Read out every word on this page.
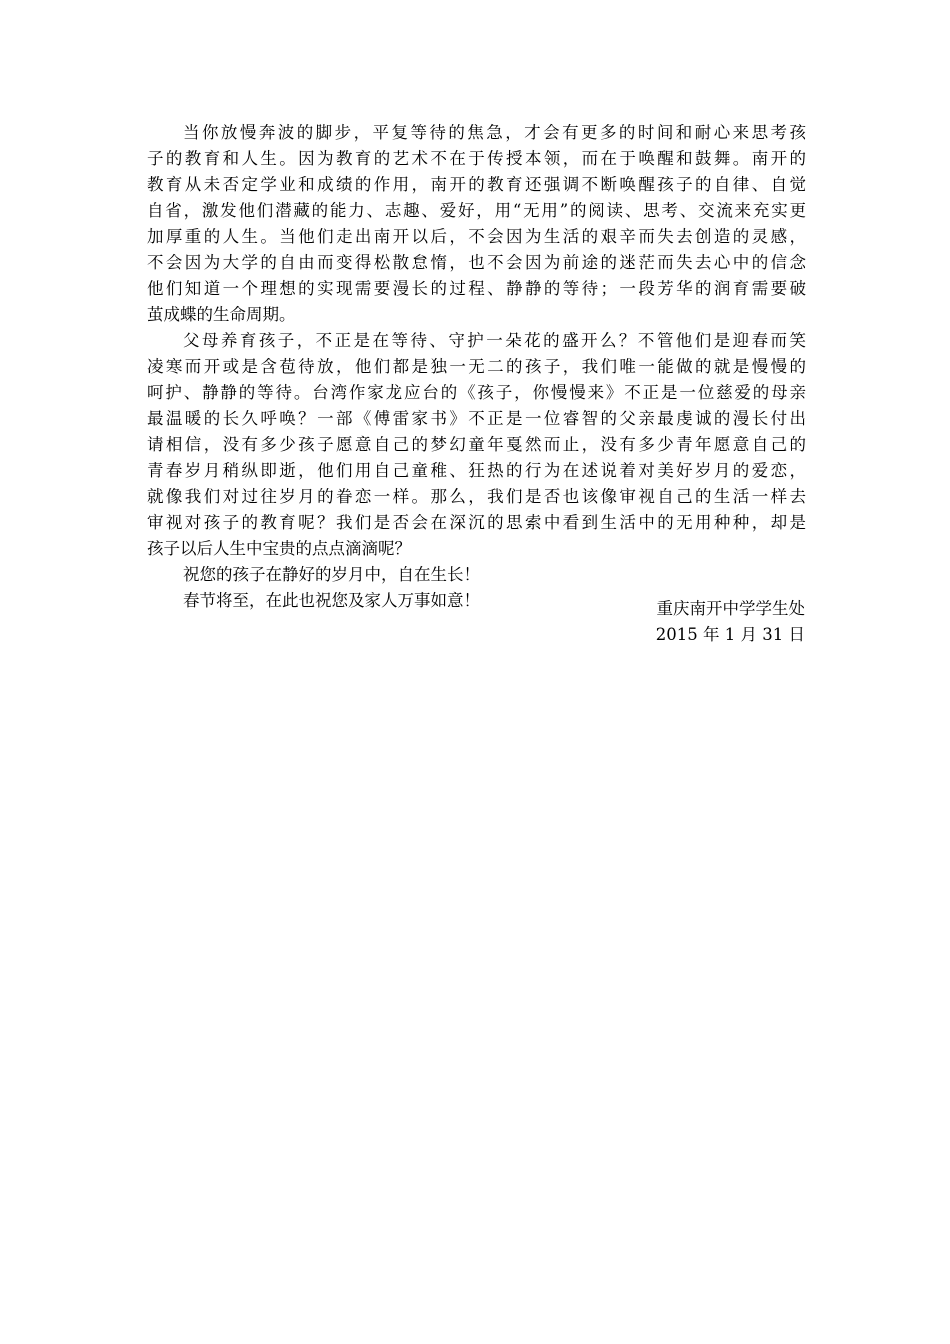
当你放慢奔波的脚步，平复等待的焦急，才会有更多的时间和耐心来思考孩
子的教育和人生。因为教育的艺术不在于传授本领，而在于唤醒和鼓舞。南开的
教育从未否定学业和成绩的作用，南开的教育还强调不断唤醒孩子的自律、自觉
自省，激发他们潜藏的能力、志趣、爱好，用“无用”的阅读、思考、交流来充实更
加厚重的人生。当他们走出南开以后，不会因为生活的艰辛而失去创造的灵感，
不会因为大学的自由而变得松散怠惰，也不会因为前途的迷茫而失去心中的信念
他们知道一个理想的实现需要漫长的过程、静静的等待；一段芳华的润育需要破
茧成蝶的生命周期。
父母养育孩子，不正是在等待、守护一朵花的盛开么？不管他们是迎春而笑
凌寒而开或是含苞待放，他们都是独一无二的孩子，我们唯一能做的就是慢慢的
呵护、静静的等待。台湾作家龙应台的《孩子，你慢慢来》不正是一位慈爱的母亲
最温暖的长久呼唤？一部《傅雷家书》不正是一位睿智的父亲最虔诚的漫长付出
请相信，没有多少孩子愿意自己的梦幻童年戛然而止，没有多少青年愿意自己的
青春岁月稍纵即逝，他们用自己童稚、狂热的行为在述说着对美好岁月的爱恋，
就像我们对过往岁月的眷恋一样。那么，我们是否也该像审视自己的生活一样去
审视对孩子的教育呢？我们是否会在深沉的思索中看到生活中的无用种种，却是
孩子以后人生中宝贵的点点滴滴呢？
祝您的孩子在静好的岁月中，自在生长！
春节将至，在此也祝您及家人万事如意！	重庆南开中学学生处
2015 年 1 月 31 日
